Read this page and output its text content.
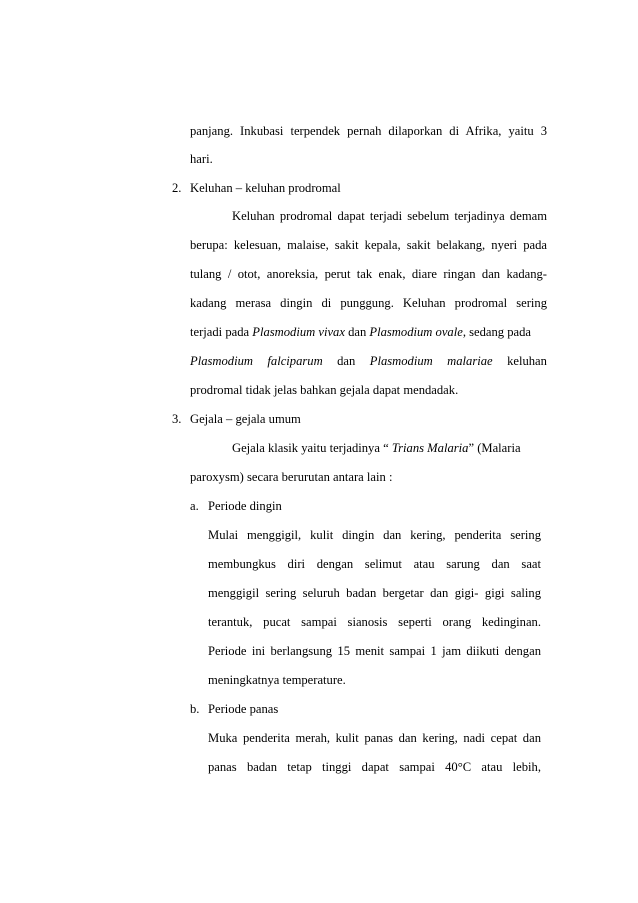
panjang. Inkubasi terpendek pernah dilaporkan di Afrika, yaitu 3
hari.
2. Keluhan – keluhan prodromal
Keluhan prodromal dapat terjadi sebelum terjadinya demam
berupa: kelesuan, malaise, sakit kepala, sakit belakang, nyeri pada
tulang / otot, anoreksia, perut tak enak, diare ringan dan kadang-
kadang merasa dingin di punggung. Keluhan prodromal sering
terjadi pada Plasmodium vivax dan Plasmodium ovale, sedang pada
Plasmodium falciparum dan Plasmodium malariae keluhan
prodromal tidak jelas bahkan gejala dapat mendadak.
3. Gejala – gejala umum
Gejala klasik yaitu terjadinya “ Trians Malaria” (Malaria
paroxysm) secara berurutan antara lain :
a. Periode dingin
Mulai menggigil, kulit dingin dan kering, penderita sering
membungkus diri dengan selimut atau sarung dan saat
menggigil sering seluruh badan bergetar dan gigi- gigi saling
terantuk, pucat sampai sianosis seperti orang kedinginan.
Periode ini berlangsung 15 menit sampai 1 jam diikuti dengan
meningkatnya temperature.
b. Periode panas
Muka penderita merah, kulit panas dan kering, nadi cepat dan
panas badan tetap tinggi dapat sampai 40°C atau lebih,
